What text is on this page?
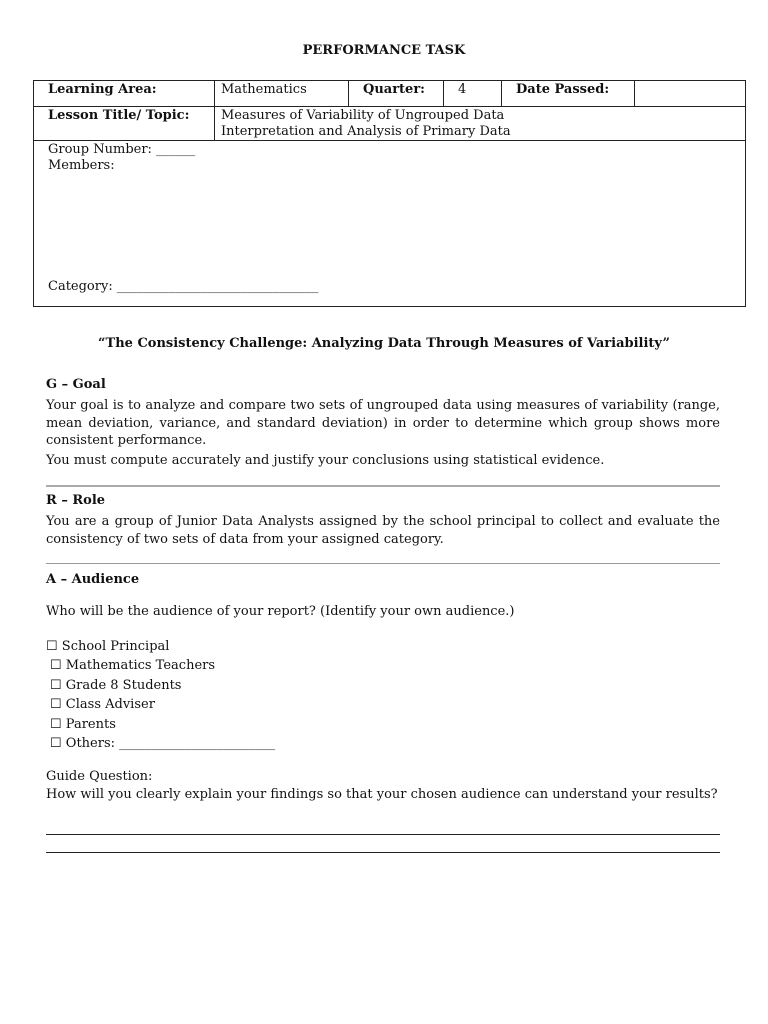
PERFORMANCE TASK
Learning Area:	Mathematics	Quarter:	4	Date Passed:	
Lesson Title/ Topic:	Measures of Variability of Ungrouped Data
Interpretation and Analysis of Primary Data				

Group Number: ______
Members:
Category: _______________________________					
“The Consistency Challenge: Analyzing Data Through Measures of Variability”
G – Goal
Your goal is to analyze and compare two sets of ungrouped data using measures of variability (range, mean deviation, variance, and standard deviation) in order to determine which group shows more consistent performance.
You must compute accurately and justify your conclusions using statistical evidence.
R – Role
You are a group of Junior Data Analysts assigned by the school principal to collect and evaluate the consistency of two sets of data from your assigned category.
A – Audience
Who will be the audience of your report? (Identify your own audience.)
☐ School Principal
☐ Mathematics Teachers
☐ Grade 8 Students
☐ Class Adviser
☐ Parents
☐ Others: ________________________
Guide Question:
How will you clearly explain your findings so that your chosen audience can understand your results?
